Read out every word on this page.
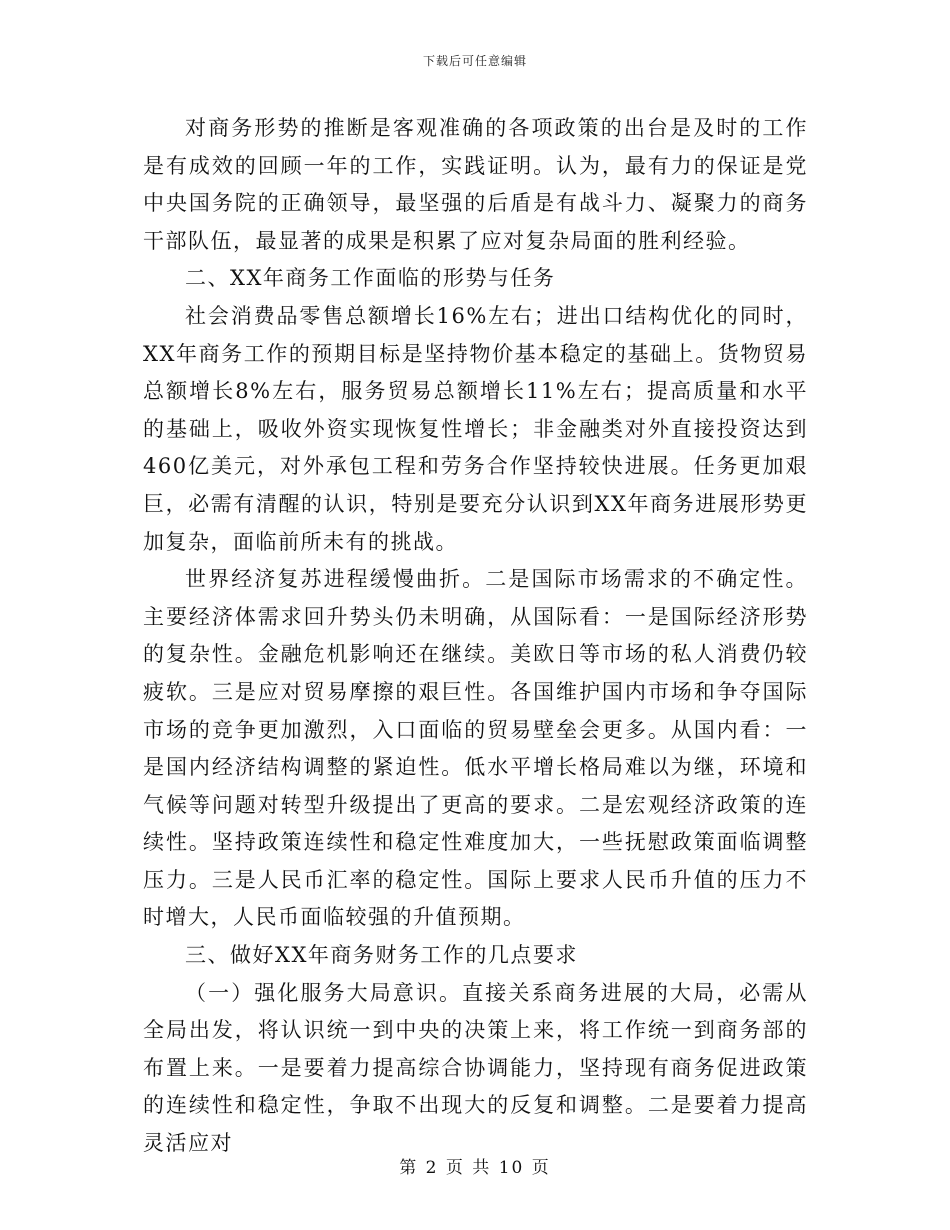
下载后可任意编辑

对商务形势的推断是客观准确的各项政策的出台是及时的工作是有成效的回顾一年的工作，实践证明。认为，最有力的保证是党中央国务院的正确领导，最坚强的后盾是有战斗力、凝聚力的商务干部队伍，最显著的成果是积累了应对复杂局面的胜利经验。

二、XX年商务工作面临的形势与任务

社会消费品零售总额增长16%左右；进出口结构优化的同时，XX年商务工作的预期目标是坚持物价基本稳定的基础上。货物贸易总额增长8%左右，服务贸易总额增长11%左右；提高质量和水平的基础上，吸收外资实现恢复性增长；非金融类对外直接投资达到460亿美元，对外承包工程和劳务合作坚持较快进展。任务更加艰巨，必需有清醒的认识，特别是要充分认识到XX年商务进展形势更加复杂，面临前所未有的挑战。

世界经济复苏进程缓慢曲折。二是国际市场需求的不确定性。主要经济体需求回升势头仍未明确，从国际看：一是国际经济形势的复杂性。金融危机影响还在继续。美欧日等市场的私人消费仍较疲软。三是应对贸易摩擦的艰巨性。各国维护国内市场和争夺国际市场的竞争更加激烈，入口面临的贸易壁垒会更多。从国内看：一是国内经济结构调整的紧迫性。低水平增长格局难以为继，环境和气候等问题对转型升级提出了更高的要求。二是宏观经济政策的连续性。坚持政策连续性和稳定性难度加大，一些抚慰政策面临调整压力。三是人民币汇率的稳定性。国际上要求人民币升值的压力不时增大，人民币面临较强的升值预期。

三、做好XX年商务财务工作的几点要求

（一）强化服务大局意识。直接关系商务进展的大局，必需从全局出发，将认识统一到中央的决策上来，将工作统一到商务部的布置上来。一是要着力提高综合协调能力，坚持现有商务促进政策的连续性和稳定性，争取不出现大的反复和调整。二是要着力提高灵活应对

第 2 页 共 10 页
